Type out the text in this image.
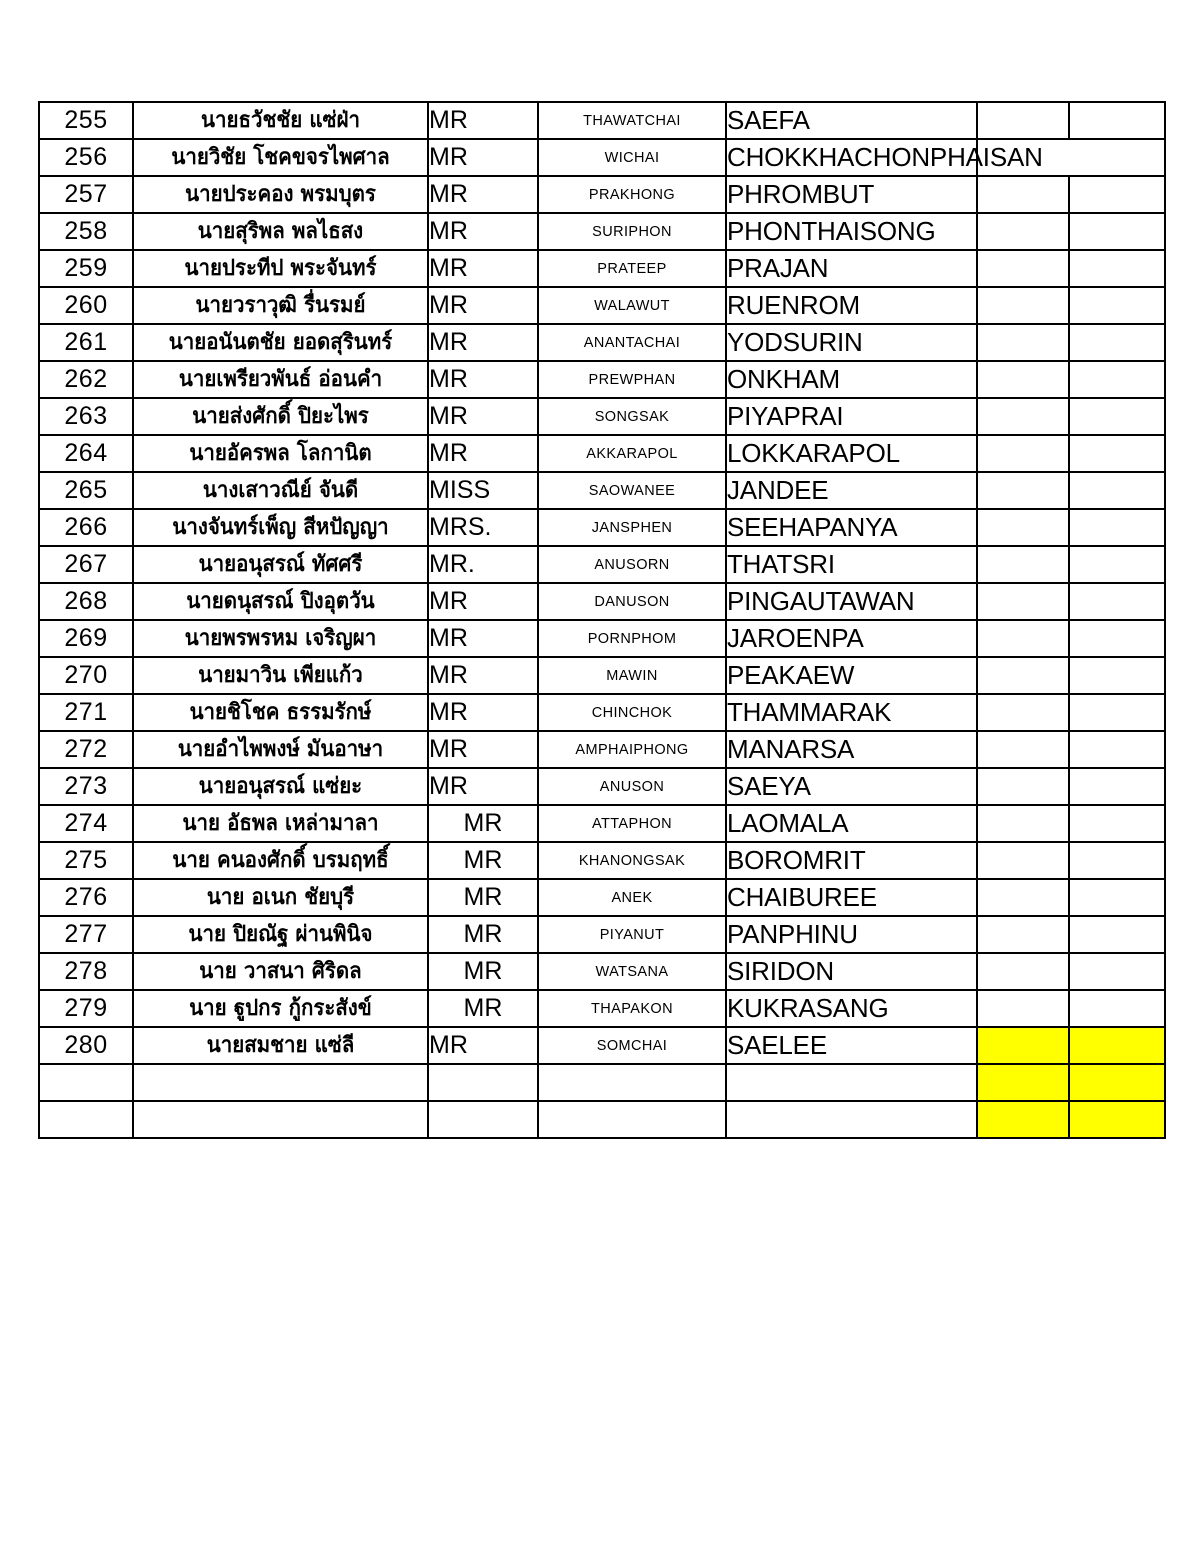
255	นายธวัชชัย แซ่ฝ่า	MR	THAWATCHAI	SAEFA		
256	นายวิชัย โชคขจรไพศาล	MR	WICHAI	CHOKKHACHONPHAISAN		
257	นายประคอง พรมบุตร	MR	PRAKHONG	PHROMBUT		
258	นายสุริพล พลไธสง	MR	SURIPHON	PHONTHAISONG		
259	นายประทีป พระจันทร์	MR	PRATEEP	PRAJAN		
260	นายวราวุฒิ รื่นรมย์	MR	WALAWUT	RUENROM		
261	นายอนันตชัย ยอดสุรินทร์	MR	ANANTACHAI	YODSURIN		
262	นายเพรียวพันธ์ อ่อนคำ	MR	PREWPHAN	ONKHAM		
263	นายส่งศักดิ์ ปิยะไพร	MR	SONGSAK	PIYAPRAI		
264	นายอัครพล โลกานิต	MR	AKKARAPOL	LOKKARAPOL		
265	นางเสาวณีย์ จันดี	MISS	SAOWANEE	JANDEE		
266	นางจันทร์เพ็ญ สีหปัญญา	MRS.	JANSPHEN	SEEHAPANYA		
267	นายอนุสรณ์ ทัศศรี	MR.	ANUSORN	THATSRI		
268	นายดนุสรณ์ ปิงอุตวัน	MR	DANUSON	PINGAUTAWAN		
269	นายพรพรหม เจริญผา	MR	PORNPHOM	JAROENPA		
270	นายมาวิน เพียแก้ว	MR	MAWIN	PEAKAEW		
271	นายชิโชค ธรรมรักษ์	MR	CHINCHOK	THAMMARAK		
272	นายอำไพพงษ์ มันอาษา	MR	AMPHAIPHONG	MANARSA		
273	นายอนุสรณ์ แซ่ยะ	MR	ANUSON	SAEYA		
274	นาย อัธพล เหล่ามาลา	MR	ATTAPHON	LAOMALA		
275	นาย คนองศักดิ์ บรมฤทธิ์	MR	KHANONGSAK	BOROMRIT		
276	นาย อเนก ชัยบุรี	MR	ANEK	CHAIBUREE		
277	นาย ปิยณัฐ ผ่านพินิจ	MR	PIYANUT	PANPHINU		
278	นาย วาสนา ศิริดล	MR	WATSANA	SIRIDON		
279	นาย ฐูปกร กู้กระสังข์	MR	THAPAKON	KUKRASANG		
280	นายสมชาย แซ่ลี	MR	SOMCHAI	SAELEE		
